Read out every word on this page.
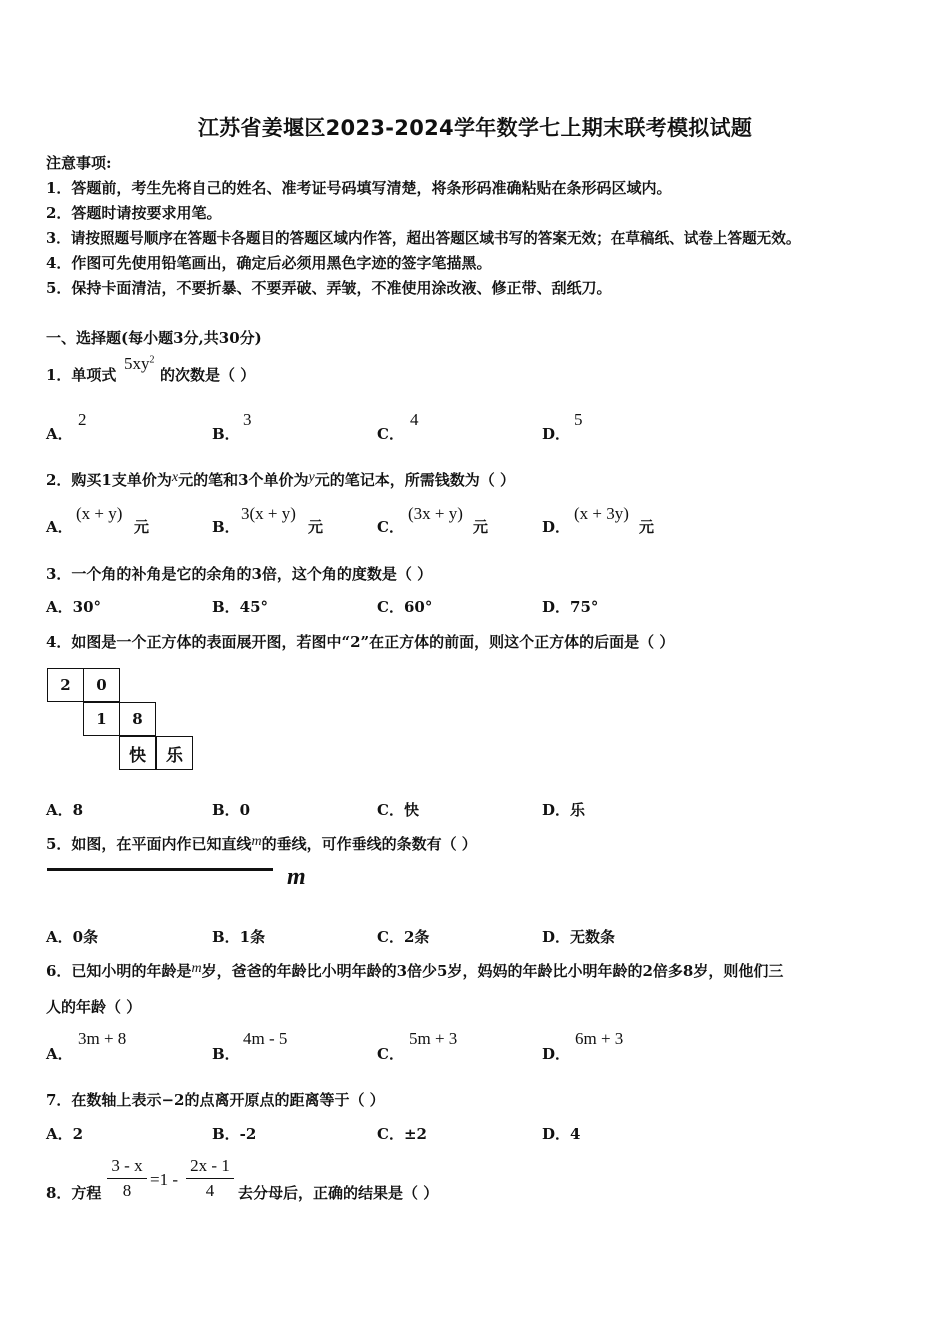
江苏省姜堰区2023-2024学年数学七上期末联考模拟试题
注意事项:
1．答题前，考生先将自己的姓名、准考证号码填写清楚，将条形码准确粘贴在条形码区域内。
2．答题时请按要求用笔。
3．请按照题号顺序在答题卡各题目的答题区域内作答，超出答题区域书写的答案无效；在草稿纸、试卷上答题无效。
4．作图可先使用铅笔画出，确定后必须用黑色字迹的签字笔描黑。
5．保持卡面清洁，不要折暴、不要弄破、弄皱，不准使用涂改液、修正带、刮纸刀。
一、选择题(每小题3分,共30分)
1．单项式
$5xy^2$
的次数是（ ）
A．
2
B．
3
C．
4
D．
5
2．购买1支单价为x元的笔和3个单价为y元的笔记本，所需钱数为（ ）
A．
(x + y)
元	B．
3(x + y)
元	C．
(3x + y)
元	D．
(x + 3y)
元
3．一个角的补角是它的余角的3倍，这个角的度数是（ ）
A．30°	B．45°	C．60°	D．75°
4．如图是一个正方体的表面展开图，若图中“2”在正方体的前面，则这个正方体的后面是（ ）
2	0
1	8
快	乐
A．8	B．0	C．快	D．乐
5．如图，在平面内作已知直线m的垂线，可作垂线的条数有（ ）
m
A．0条	B．1条	C．2条	D．无数条
6．已知小明的年龄是m岁，爸爸的年龄比小明年龄的3倍少5岁，妈妈的年龄比小明年龄的2倍多8岁，则他们三
人的年龄（ ）
A．
3m + 8
B．
4m - 5
C．
5m + 3
D．
6m + 3
7．在数轴上表示−2的点离开原点的距离等于（ ）
A．2	B．-2	C．±2	D．4
8．方程
3 - x
8
=1 -
2x - 1
4	去分母后，正确的结果是（ ）
